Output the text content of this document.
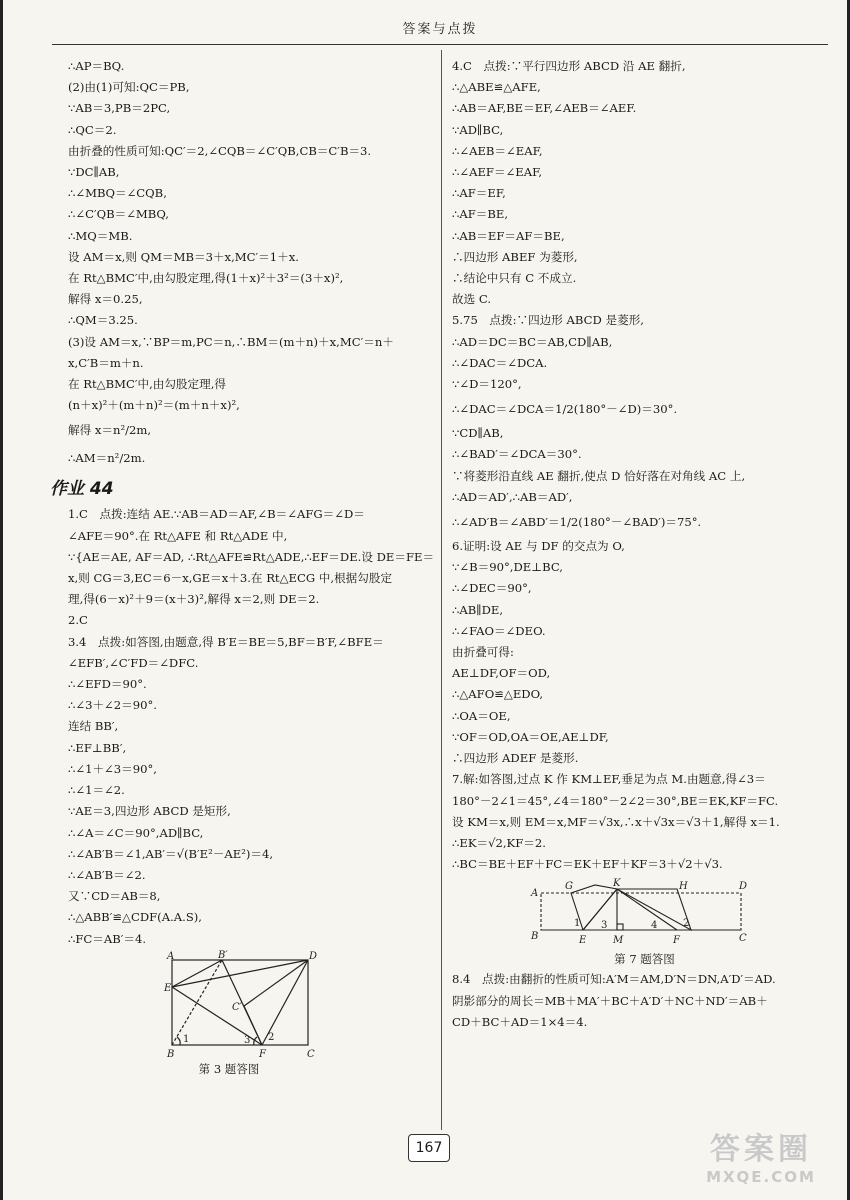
答案与点拨
∴AP＝BQ.
(2)由(1)可知:QC＝PB,
∵AB＝3,PB＝2PC,
∴QC＝2.
由折叠的性质可知:QC′＝2,∠CQB＝∠C′QB,CB＝C′B＝3.
∵DC∥AB,
∴∠MBQ＝∠CQB,
∴∠C′QB＝∠MBQ,
∴MQ＝MB.
设 AM＝x,则 QM＝MB＝3＋x,MC′＝1＋x.
在 Rt△BMC′中,由勾股定理,得(1＋x)²＋3²＝(3＋x)²,
解得 x＝0.25,
∴QM＝3.25.
(3)设 AM＝x,∵BP＝m,PC＝n,∴BM＝(m＋n)＋x,MC′＝n＋
x,C′B＝m＋n.
在 Rt△BMC′中,由勾股定理,得
(n＋x)²＋(m＋n)²＝(m＋n＋x)²,
解得 x＝n²/2m,
∴AM＝n²/2m.
作业 44
1.C　点拨:连结 AE.∵AB＝AD＝AF,∠B＝∠AFG＝∠D＝
∠AFE＝90°.在 Rt△AFE 和 Rt△ADE 中,
∵{AE＝AE, AF＝AD, ∴Rt△AFE≌Rt△ADE,∴EF＝DE.设 DE＝FE＝
x,则 CG＝3,EC＝6－x,GE＝x＋3.在 Rt△ECG 中,根据勾股定
理,得(6－x)²＋9＝(x＋3)²,解得 x＝2,则 DE＝2.
2.C
3.4　点拨:如答图,由题意,得 B′E＝BE＝5,BF＝B′F,∠BFE＝
∠EFB′,∠C′FD＝∠DFC.
∴∠EFD＝90°.
∴∠3＋∠2＝90°.
连结 BB′,
∴EF⊥BB′,
∴∠1＋∠3＝90°,
∴∠1＝∠2.
∵AE＝3,四边形 ABCD 是矩形,
∴∠A＝∠C＝90°,AD∥BC,
∴∠AB′B＝∠1,AB′＝√(B′E²－AE²)＝4,
∴∠AB′B＝∠2.
又∵CD＝AB＝8,
∴△ABB′≌△CDF(A.A.S),
∴FC＝AB′＝4.
A	B′	D
E
C′
1	3 2
B	F	C
第 3 题答图
4.C　点拨:∵平行四边形 ABCD 沿 AE 翻折,
∴△ABE≌△AFE,
∴AB＝AF,BE＝EF,∠AEB＝∠AEF.
∵AD∥BC,
∴∠AEB＝∠EAF,
∴∠AEF＝∠EAF,
∴AF＝EF,
∴AF＝BE,
∴AB＝EF＝AF＝BE,
∴四边形 ABEF 为菱形,
∴结论中只有 C 不成立.
故选 C.
5.75　点拨:∵四边形 ABCD 是菱形,
∴AD＝DC＝BC＝AB,CD∥AB,
∴∠DAC＝∠DCA.
∵∠D＝120°,
∴∠DAC＝∠DCA＝1/2(180°－∠D)＝30°.
∵CD∥AB,
∴∠BAD′＝∠DCA＝30°.
∵将菱形沿直线 AE 翻折,使点 D 恰好落在对角线 AC 上,
∴AD＝AD′,∴AB＝AD′,
∴∠AD′B＝∠ABD′＝1/2(180°－∠BAD′)＝75°.
6.证明:设 AE 与 DF 的交点为 O,
∵∠B＝90°,DE⊥BC,
∴∠DEC＝90°,
∴AB∥DE,
∴∠FAO＝∠DEO.
由折叠可得:
AE⊥DF,OF＝OD,
∴△AFO≌△EDO,
∴OA＝OE,
∵OF＝OD,OA＝OE,AE⊥DF,
∴四边形 ADEF 是菱形.
7.解:如答图,过点 K 作 KM⊥EF,垂足为点 M.由题意,得∠3＝
180°－2∠1＝45°,∠4＝180°－2∠2＝30°,BE＝EK,KF＝FC.
设 KM＝x,则 EM＝x,MF＝√3x,∴x＋√3x＝√3＋1,解得 x＝1.
∴EK＝√2,KF＝2.
∴BC＝BE＋EF＋FC＝EK＋EF＋KF＝3＋√2＋√3.
A
G	K	H	D
1 3	4	2
B	E	M	F	C
第 7 题答图
8.4　点拨:由翻折的性质可知:A′M＝AM,D′N＝DN,A′D′＝AD.
阴影部分的周长＝MB＋MA′＋BC＋A′D′＋NC＋ND′＝AB＋
CD＋BC＋AD＝1×4＝4.
167	答案圈
MXQE.COM
